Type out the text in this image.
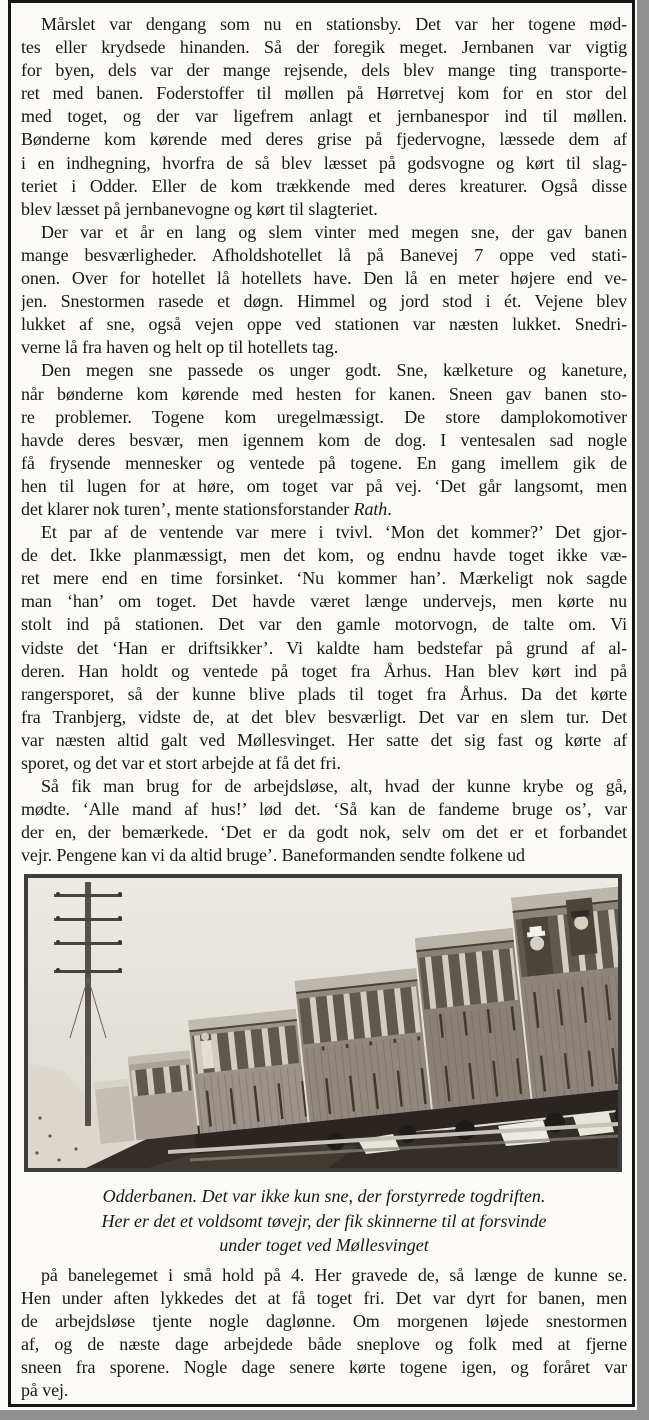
Mårslet var dengang som nu en stationsby. Det var her togene mød-
tes eller krydsede hinanden. Så der foregik meget. Jernbanen var vigtig
for byen, dels var der mange rejsende, dels blev mange ting transporte-
ret med banen. Foderstoffer til møllen på Hørretvej kom for en stor del
med toget, og der var ligefrem anlagt et jernbanespor ind til møllen.
Bønderne kom kørende med deres grise på fjedervogne, læssede dem af
i en indhegning, hvorfra de så blev læsset på godsvogne og kørt til slag-
teriet i Odder. Eller de kom trækkende med deres kreaturer. Også disse
blev læsset på jernbanevogne og kørt til slagteriet.
Der var et år en lang og slem vinter med megen sne, der gav banen
mange besværligheder. Afholdshotellet lå på Banevej 7 oppe ved stati-
onen. Over for hotellet lå hotellets have. Den lå en meter højere end ve-
jen. Snestormen rasede et døgn. Himmel og jord stod i ét. Vejene blev
lukket af sne, også vejen oppe ved stationen var næsten lukket. Snedri-
verne lå fra haven og helt op til hotellets tag.
Den megen sne passede os unger godt. Sne, kælketure og kaneture,
når bønderne kom kørende med hesten for kanen. Sneen gav banen sto-
re problemer. Togene kom uregelmæssigt. De store damplokomotiver
havde deres besvær, men igennem kom de dog. I ventesalen sad nogle
få frysende mennesker og ventede på togene. En gang imellem gik de
hen til lugen for at høre, om toget var på vej. ‘Det går langsomt, men
det klarer nok turen’, mente stationsforstander Rath.
Et par af de ventende var mere i tvivl. ‘Mon det kommer?’ Det gjor-
de det. Ikke planmæssigt, men det kom, og endnu havde toget ikke væ-
ret mere end en time forsinket. ‘Nu kommer han’. Mærkeligt nok sagde
man ‘han’ om toget. Det havde været længe undervejs, men kørte nu
stolt ind på stationen. Det var den gamle motorvogn, de talte om. Vi
vidste det ‘Han er driftsikker’. Vi kaldte ham bedstefar på grund af al-
deren. Han holdt og ventede på toget fra Århus. Han blev kørt ind på
rangersporet, så der kunne blive plads til toget fra Århus. Da det kørte
fra Tranbjerg, vidste de, at det blev besværligt. Det var en slem tur. Det
var næsten altid galt ved Møllesvinget. Her satte det sig fast og kørte af
sporet, og det var et stort arbejde at få det fri.
Så fik man brug for de arbejdsløse, alt, hvad der kunne krybe og gå,
mødte. ‘Alle mand af hus!’ lød det. ‘Så kan de fandeme bruge os’, var
der en, der bemærkede. ‘Det er da godt nok, selv om det er et forbandet
vejr. Pengene kan vi da altid bruge’. Baneformanden sendte folkene ud
Odderbanen. Det var ikke kun sne, der forstyrrede togdriften.
Her er det et voldsomt tøvejr, der fik skinnerne til at forsvinde
under toget ved Møllesvinget
på banelegemet i små hold på 4. Her gravede de, så længe de kunne se.
Hen under aften lykkedes det at få toget fri. Det var dyrt for banen, men
de arbejdsløse tjente nogle daglønne. Om morgenen løjede snestormen
af, og de næste dage arbejdede både sneplove og folk med at fjerne
sneen fra sporene. Nogle dage senere kørte togene igen, og foråret var
på vej.
